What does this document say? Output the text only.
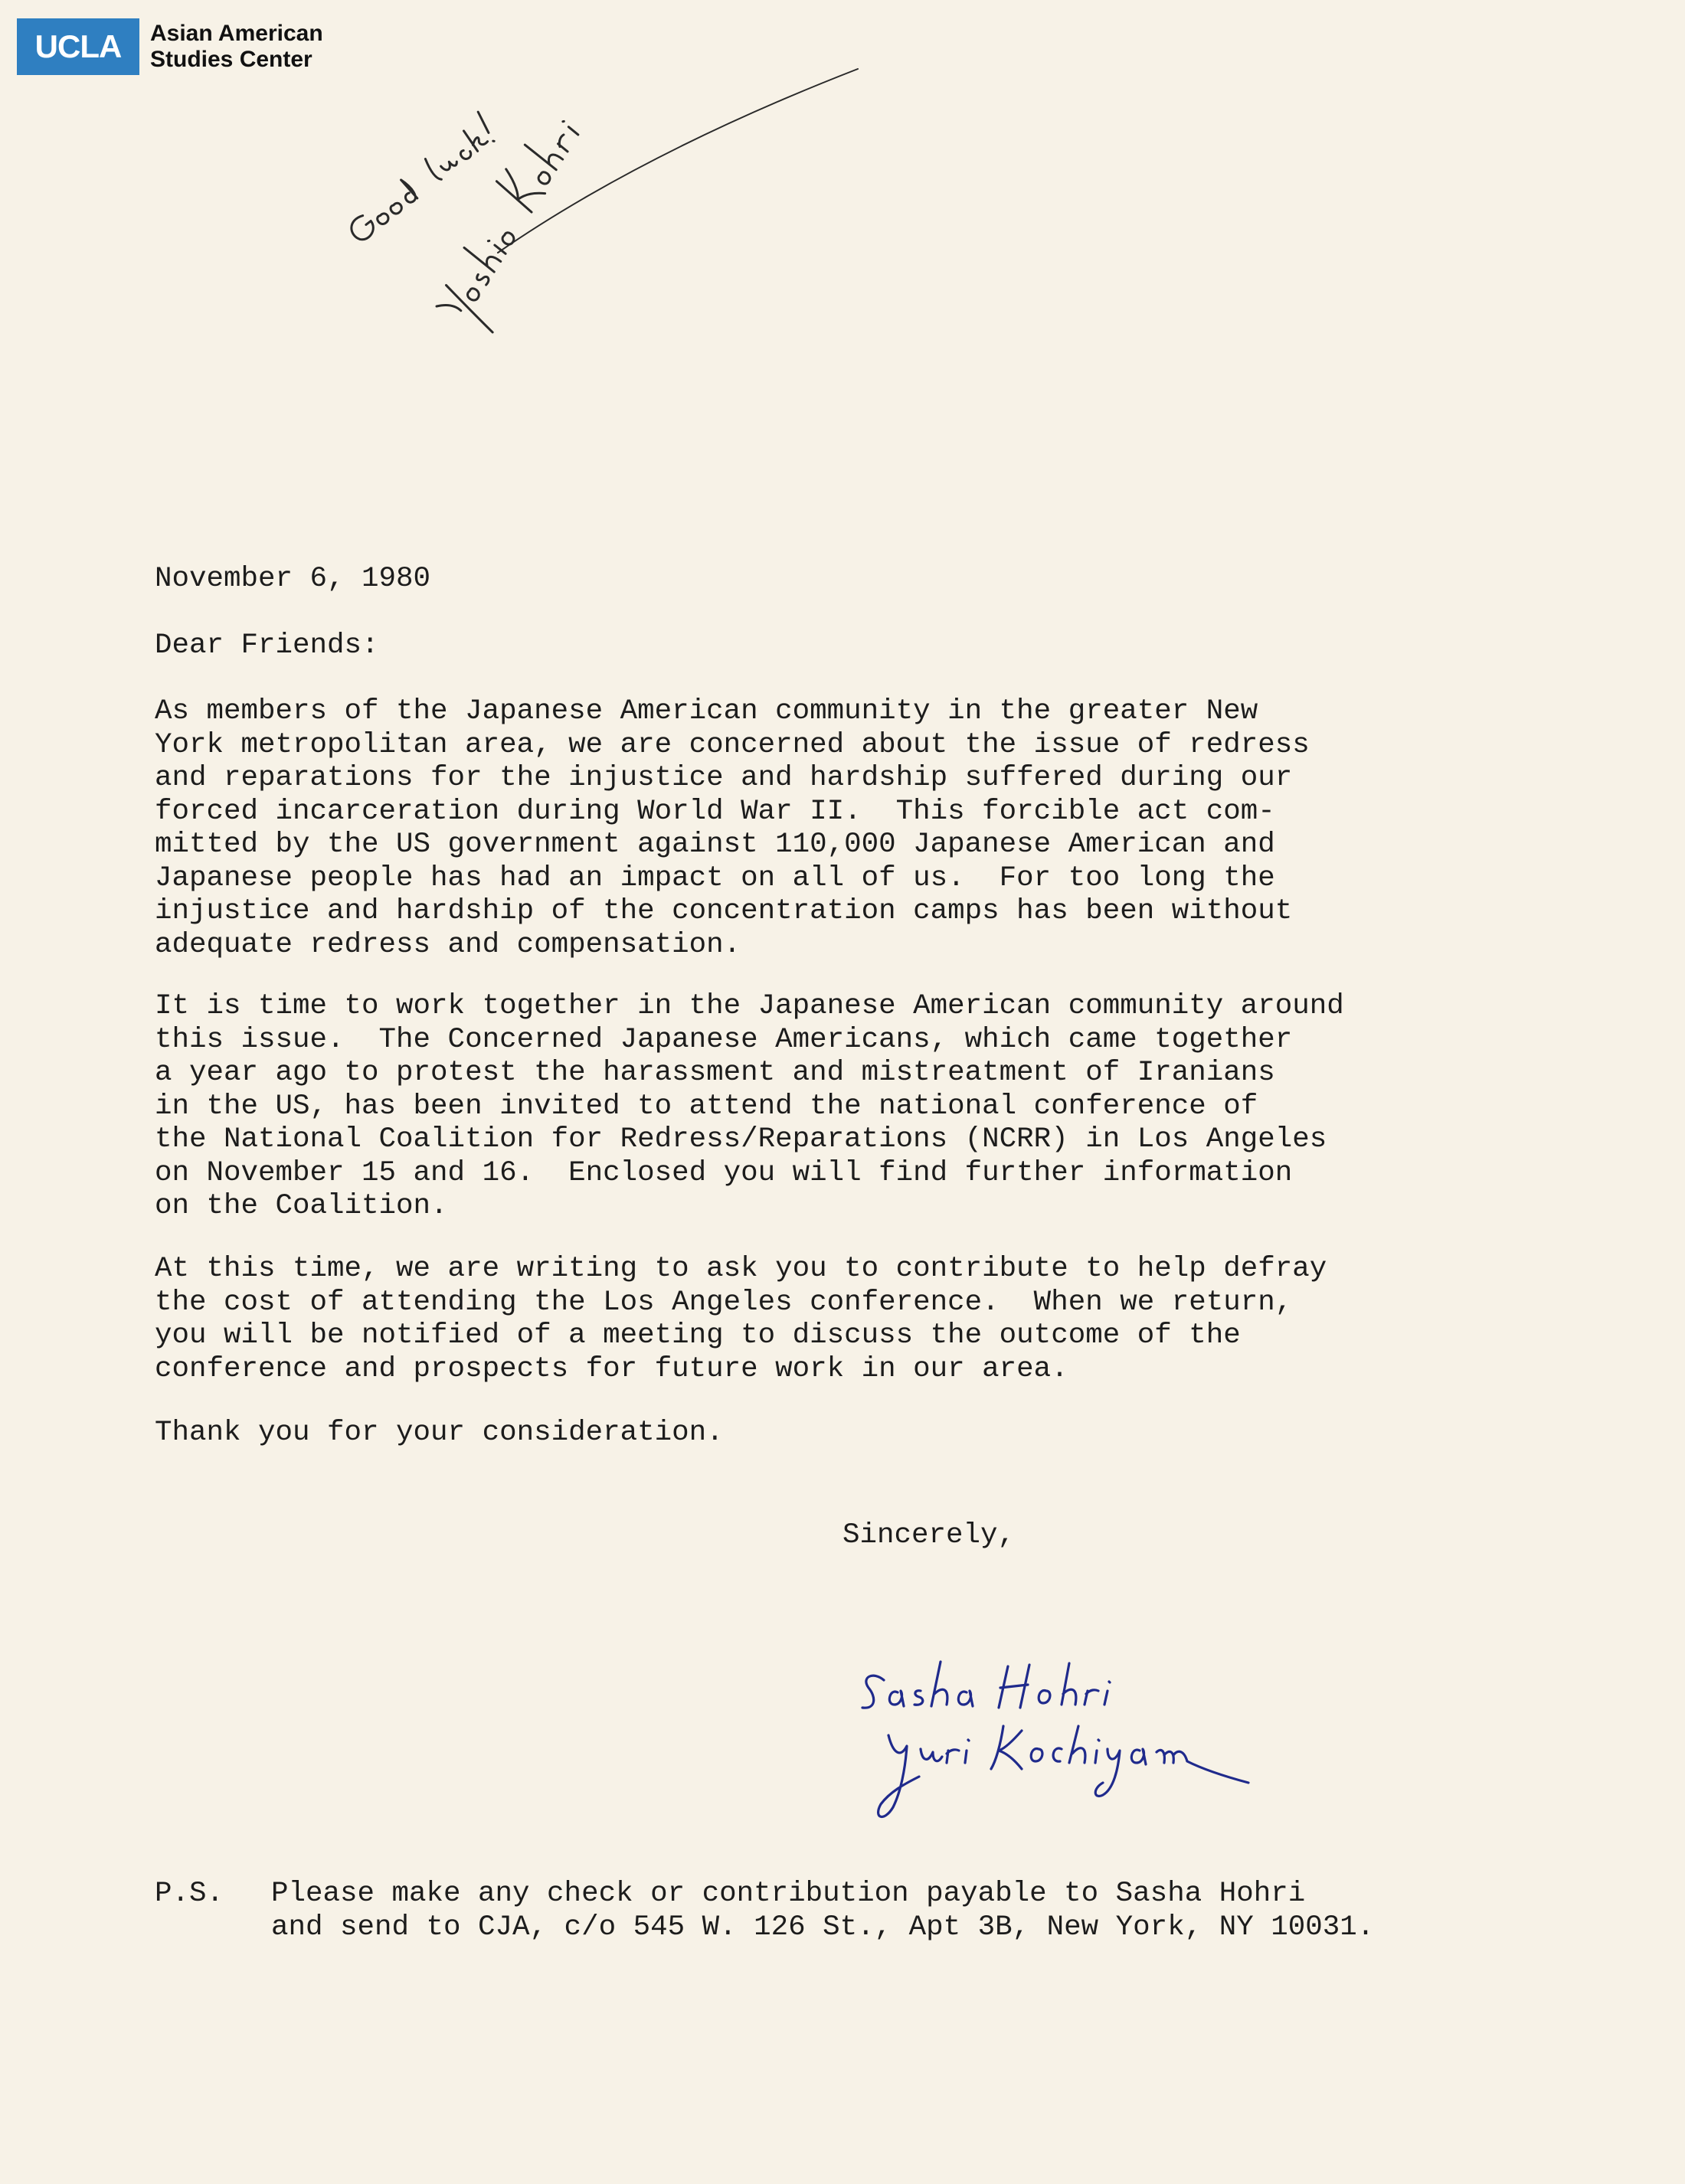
UCLA	Asian American
Studies Center
November 6, 1980
Dear Friends:
As members of the Japanese American community in the greater New
York metropolitan area, we are concerned about the issue of redress
and reparations for the injustice and hardship suffered during our
forced incarceration during World War II.  This forcible act com-
mitted by the US government against 110,000 Japanese American and
Japanese people has had an impact on all of us.  For too long the
injustice and hardship of the concentration camps has been without
adequate redress and compensation.
It is time to work together in the Japanese American community around
this issue.  The Concerned Japanese Americans, which came together
a year ago to protest the harassment and mistreatment of Iranians
in the US, has been invited to attend the national conference of
the National Coalition for Redress/Reparations (NCRR) in Los Angeles
on November 15 and 16.  Enclosed you will find further information
on the Coalition.
At this time, we are writing to ask you to contribute to help defray
the cost of attending the Los Angeles conference.  When we return,
you will be notified of a meeting to discuss the outcome of the
conference and prospects for future work in our area.
Thank you for your consideration.
Sincerely,
P.S. Please make any check or contribution payable to Sasha Hohri
and send to CJA, c/o 545 W. 126 St., Apt 3B, New York, NY 10031.
